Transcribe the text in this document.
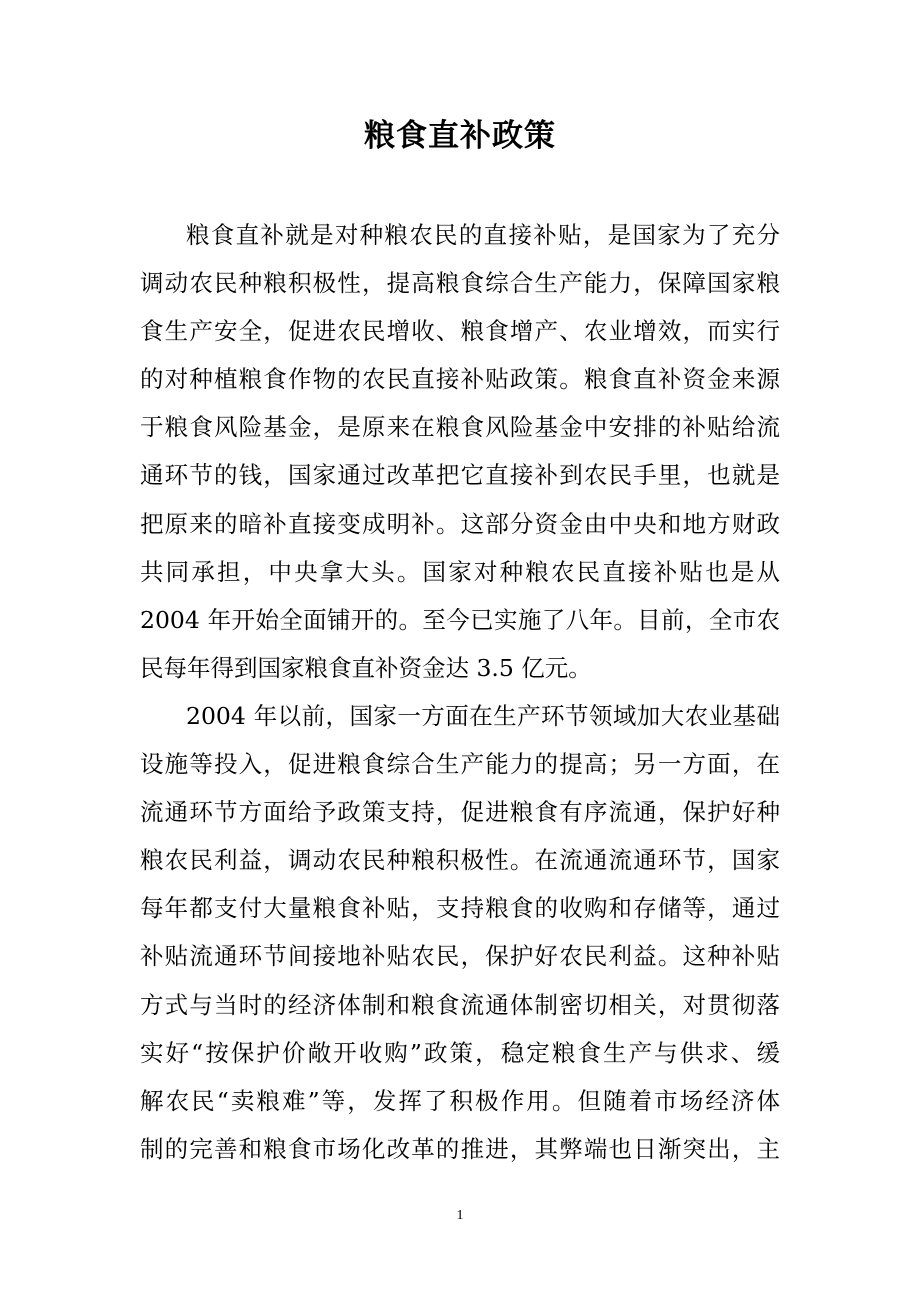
粮食直补政策
粮食直补就是对种粮农民的直接补贴，是国家为了充分
调动农民种粮积极性，提高粮食综合生产能力，保障国家粮
食生产安全，促进农民增收、粮食增产、农业增效，而实行
的对种植粮食作物的农民直接补贴政策。粮食直补资金来源
于粮食风险基金，是原来在粮食风险基金中安排的补贴给流
通环节的钱，国家通过改革把它直接补到农民手里，也就是
把原来的暗补直接变成明补。这部分资金由中央和地方财政
共同承担，中央拿大头。国家对种粮农民直接补贴也是从
2004 年开始全面铺开的。至今已实施了八年。目前，全市农
民每年得到国家粮食直补资金达 3.5 亿元。
2004 年以前，国家一方面在生产环节领域加大农业基础
设施等投入，促进粮食综合生产能力的提高；另一方面，在
流通环节方面给予政策支持，促进粮食有序流通，保护好种
粮农民利益，调动农民种粮积极性。在流通流通环节，国家
每年都支付大量粮食补贴，支持粮食的收购和存储等，通过
补贴流通环节间接地补贴农民，保护好农民利益。这种补贴
方式与当时的经济体制和粮食流通体制密切相关，对贯彻落
实好“按保护价敞开收购”政策，稳定粮食生产与供求、缓
解农民“卖粮难”等，发挥了积极作用。但随着市场经济体
制的完善和粮食市场化改革的推进，其弊端也日渐突出，主
1
